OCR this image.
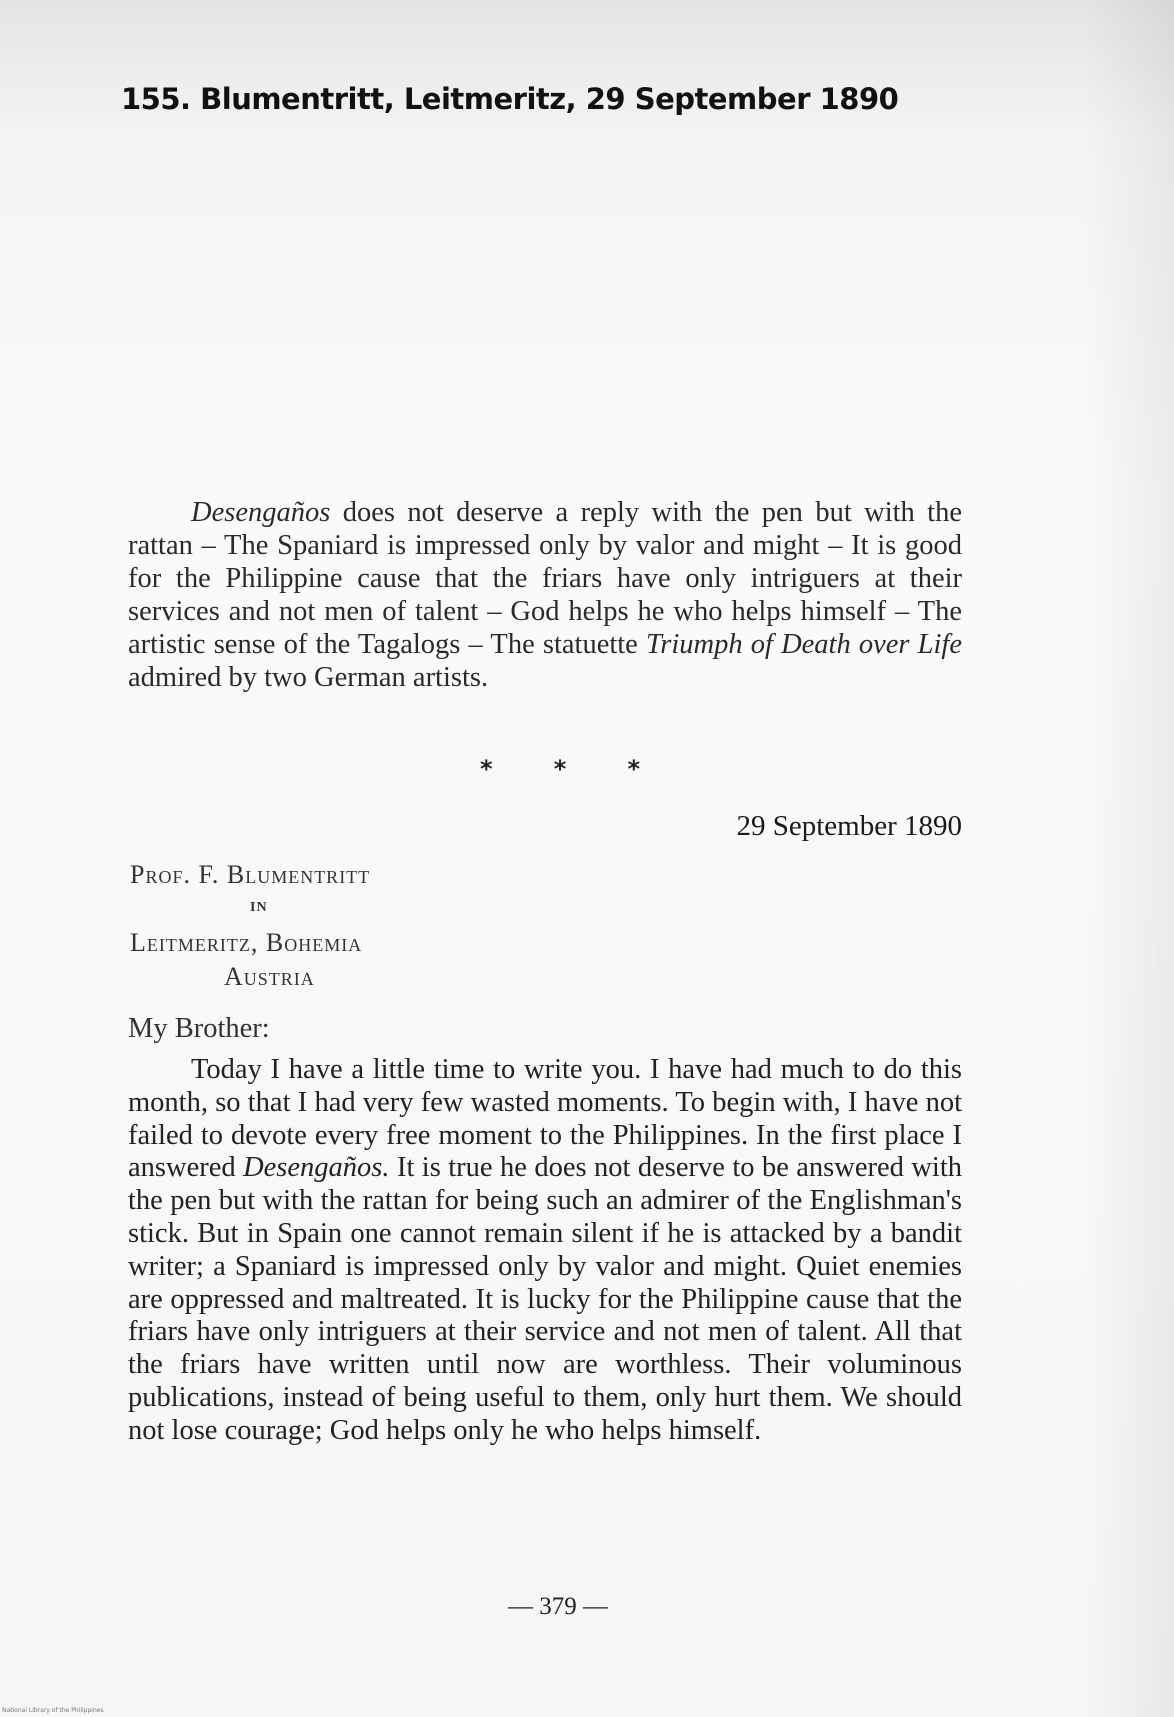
155. Blumentritt, Leitmeritz, 29 September 1890

Desengaños does not deserve a reply with the pen but with the rattan – The Spaniard is impressed only by valor and might – It is good for the Philippine cause that the friars have only intriguers at their services and not men of talent – God helps he who helps himself – The artistic sense of the Tagalogs – The statuette Triumph of Death over Life admired by two German artists.

*	*	*
29 September 1890
Prof. F. Blumentritt
in
Leitmeritz, Bohemia
Austria
My Brother:

Today I have a little time to write you. I have had much to do this month, so that I had very few wasted moments. To begin with, I have not failed to devote every free moment to the Philippines. In the first place I answered Desengaños. It is true he does not deserve to be answered with the pen but with the rattan for being such an admirer of the Englishman's stick. But in Spain one cannot remain silent if he is attacked by a bandit writer; a Spaniard is impressed only by valor and might. Quiet enemies are oppressed and maltreated. It is lucky for the Philippine cause that the friars have only intriguers at their service and not men of talent. All that the friars have written until now are worthless. Their voluminous publications, instead of being useful to them, only hurt them. We should not lose courage; God helps only he who helps himself.

— 379 —
National Library of the Philippines
